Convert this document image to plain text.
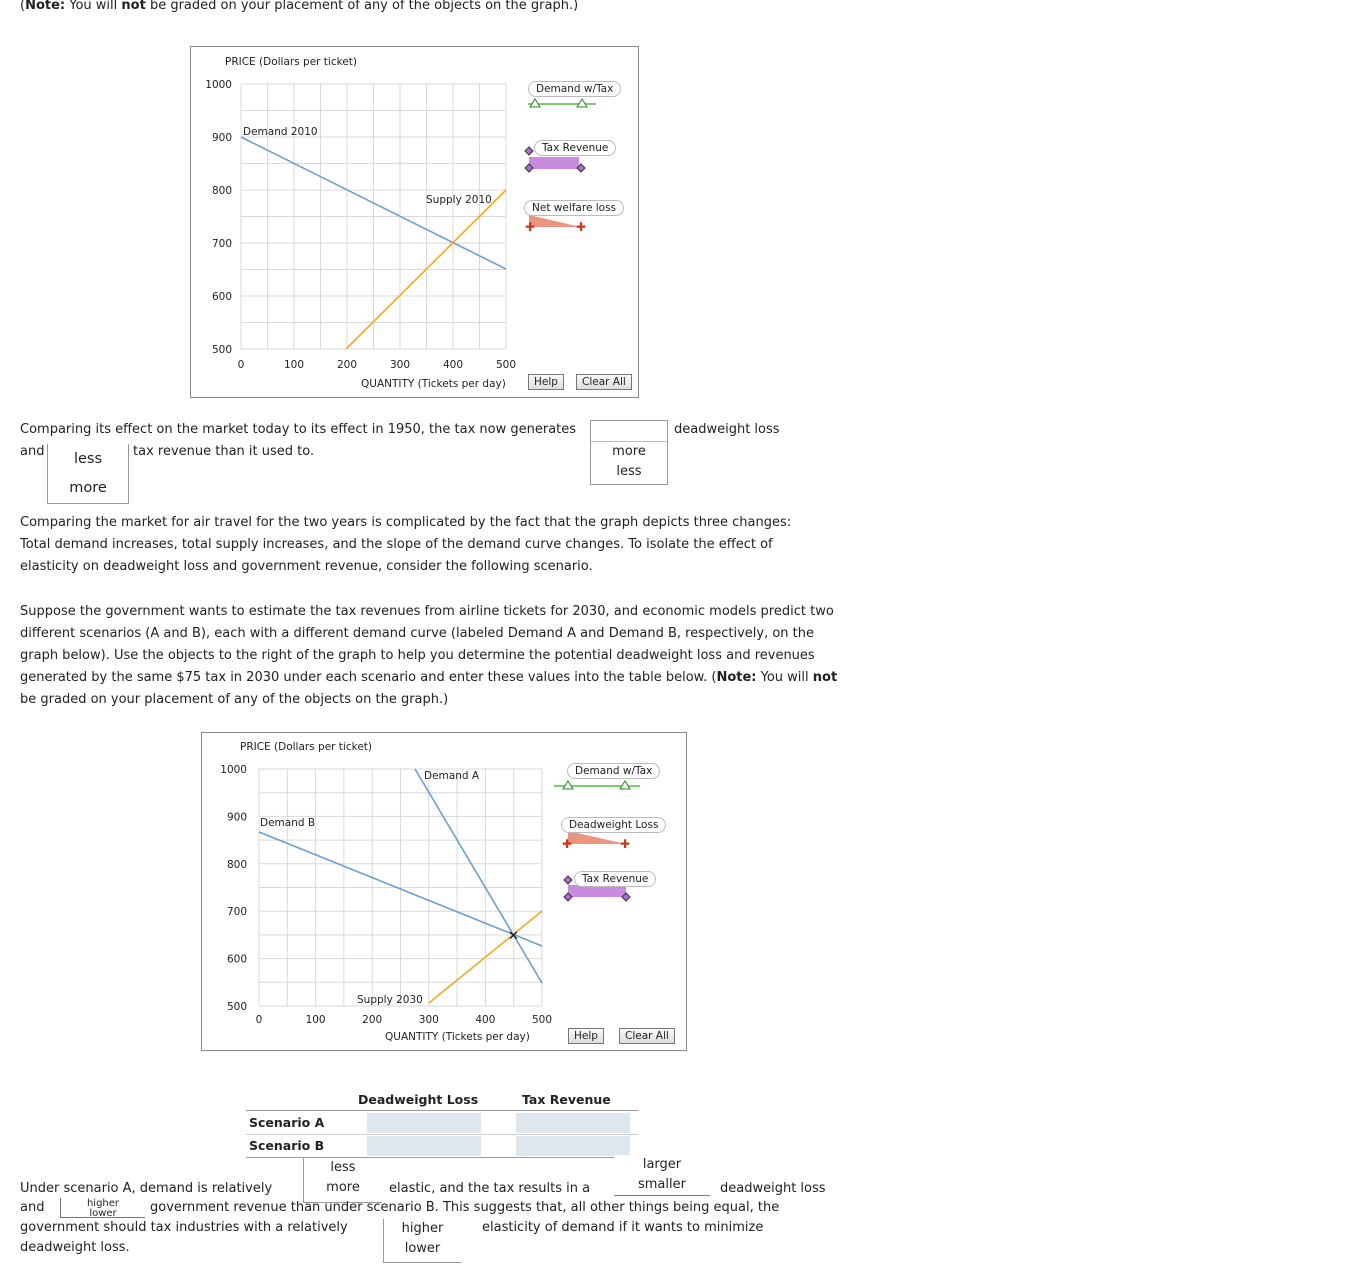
(Note: You will not be graded on your placement of any of the objects on the graph.)
PRICE (Dollars per ticket)
QUANTITY (Tickets per day)
1000
900
800
700
600
500
0	100	200	300	400	500
Demand 2010
Supply 2010
✚	✚
Demand w/Tax
Tax Revenue
Net welfare loss
Help	Clear All
Comparing its effect on the market today to its effect in 1950, the tax now generates
more
less
deadweight loss
and	less
more
tax revenue than it used to.
Comparing the market for air travel for the two years is complicated by the fact that the graph depicts three changes: Total demand increases, total supply increases, and the slope of the demand curve changes. To isolate the effect of elasticity on deadweight loss and government revenue, consider the following scenario.
Suppose the government wants to estimate the tax revenues from airline tickets for 2030, and economic models predict two different scenarios (A and B), each with a different demand curve (labeled Demand A and Demand B, respectively, on the graph below). Use the objects to the right of the graph to help you determine the potential deadweight loss and revenues generated by the same $75 tax in 2030 under each scenario and enter these values into the table below. (Note: You will not be graded on your placement of any of the objects on the graph.)
PRICE (Dollars per ticket)
QUANTITY (Tickets per day)
1000
900
800
700
600
500
0	100	200	300	400	500
✕
Demand A
Demand B
Supply 2030
✚	✚
Demand w/Tax
Deadweight Loss
Tax Revenue
Help	Clear All
Deadweight Loss	Tax Revenue
Scenario A
Scenario B
Under scenario A, demand is relatively
less
more	elastic, and the tax results in a
larger
smaller	deadweight loss
and	higher
lower	government revenue than under scenario B. This suggests that, all other things being equal, the
government should tax industries with a relatively	higher
lower
elasticity of demand if it wants to minimize
deadweight loss.
